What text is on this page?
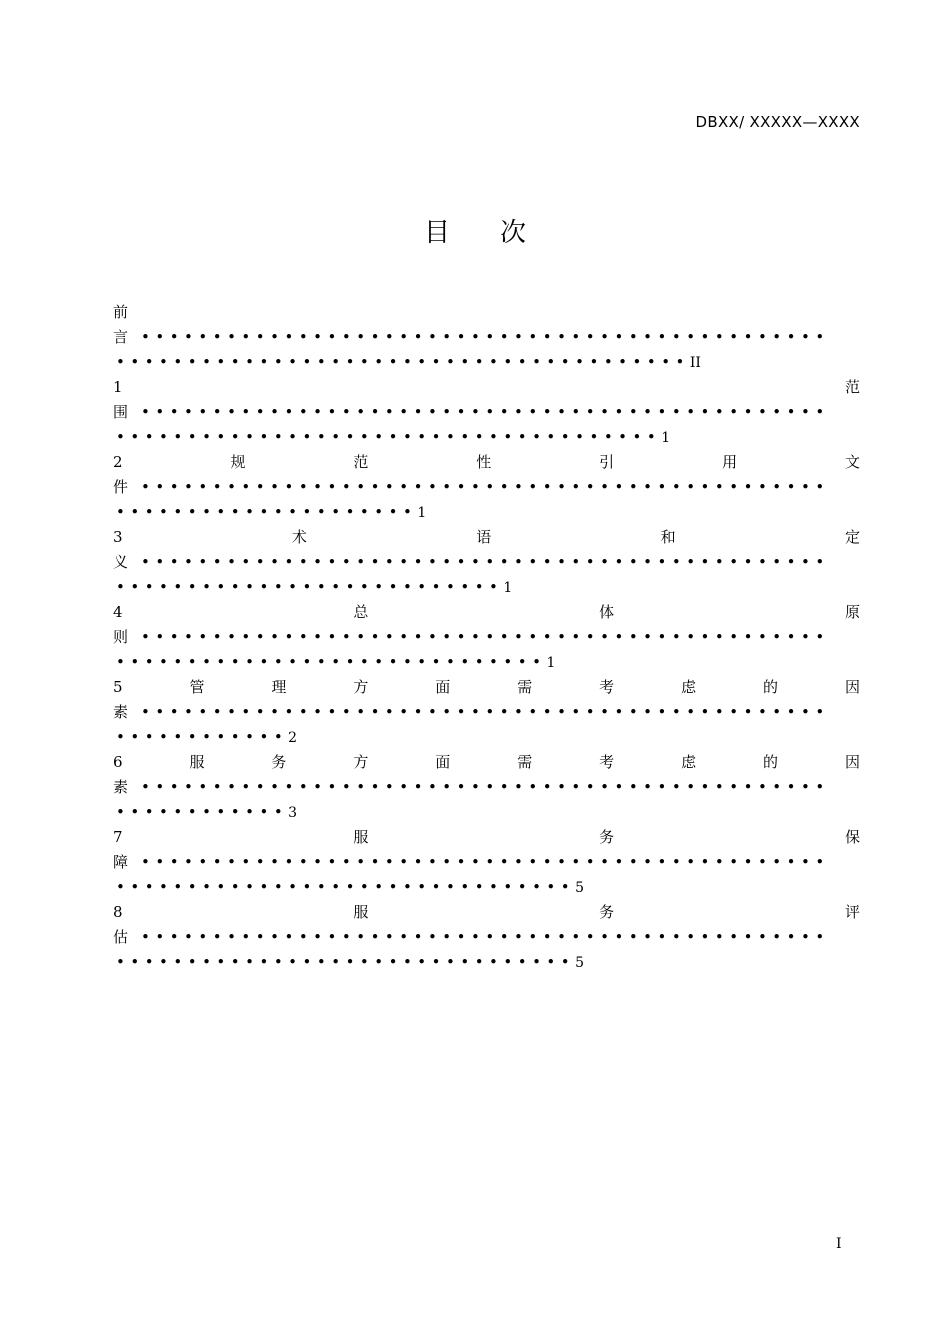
DBXX/ XXXXX—XXXX
目次
前
言 ••••••••••••••••••••••••••••••••••••••••••••••••
••••••••••••••••••••••••••••••••••••••••II
1	范
围 ••••••••••••••••••••••••••••••••••••••••••••••••
••••••••••••••••••••••••••••••••••••••1
2	规	范	性	引	用	文
件 ••••••••••••••••••••••••••••••••••••••••••••••••
•••••••••••••••••••••1
3	术	语	和	定
义 ••••••••••••••••••••••••••••••••••••••••••••••••
•••••••••••••••••••••••••••1
4	总	体	原
则 ••••••••••••••••••••••••••••••••••••••••••••••••
••••••••••••••••••••••••••••••1
5	管	理	方	面	需	考	虑	的	因
素 ••••••••••••••••••••••••••••••••••••••••••••••••
••••••••••••2
6	服	务	方	面	需	考	虑	的	因
素 ••••••••••••••••••••••••••••••••••••••••••••••••
••••••••••••3
7	服	务	保
障 ••••••••••••••••••••••••••••••••••••••••••••••••
••••••••••••••••••••••••••••••••5
8	服	务	评
估 ••••••••••••••••••••••••••••••••••••••••••••••••
••••••••••••••••••••••••••••••••5
I
